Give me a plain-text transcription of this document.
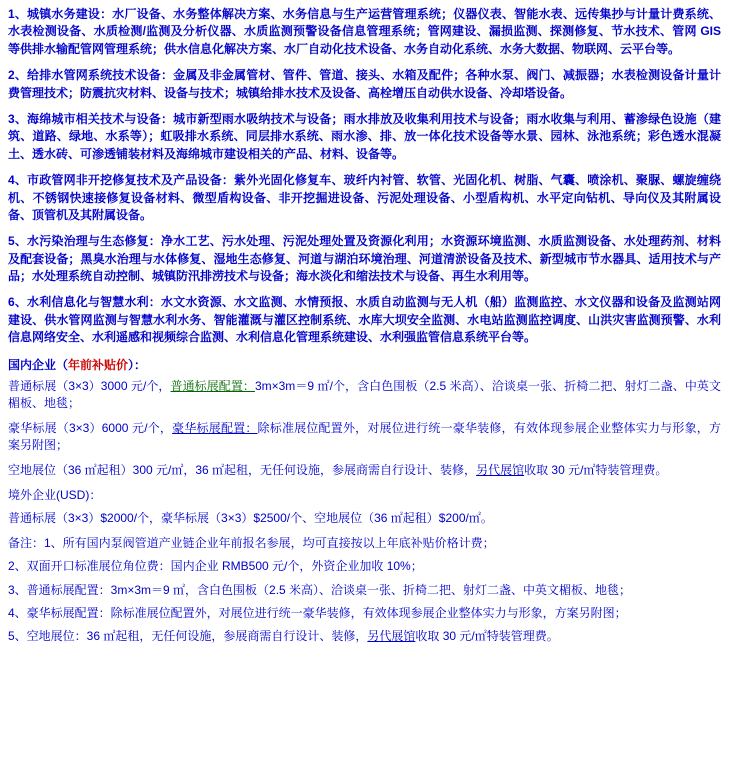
1、城镇水务建设：水厂设备、水务整体解决方案、水务信息与生产运营管理系统；仪器仪表、智能水表、远传集抄与计量计费系统、水表检测设备、水质检测/监测及分析仪器、水质监测预警设备信息管理系统；管网建设、漏损监测、探测修复、节水技术、管网 GIS 等供排水输配管网管理系统；供水信息化解决方案、水厂自动化技术设备、水务自动化系统、水务大数据、物联网、云平台等。

2、给排水管网系统技术设备：金属及非金属管材、管件、管道、接头、水箱及配件；各种水泵、阀门、减振器；水表检测设备计量计费管理技术；防震抗灾材料、设备与技术；城镇给排水技术及设备、高栓增压自动供水设备、冷却塔设备。

3、海绵城市相关技术与设备：城市新型雨水吸纳技术与设备；雨水排放及收集利用技术与设备；雨水收集与利用、蓄渗绿色设施（建筑、道路、绿地、水系等）；虹吸排水系统、同层排水系统、雨水渗、排、放一体化技术设备等水景、园林、泳池系统；彩色透水混凝土、透水砖、可渗透铺装材料及海绵城市建设相关的产品、材料、设备等。

4、市政管网非开挖修复技术及产品设备：紫外光固化修复车、玻纤内衬管、软管、光固化机、树脂、气囊、喷涂机、聚脲、螺旋缠绕机、不锈钢快速接修复设备材料、微型盾构设备、非开挖掘进设备、污泥处理设备、小型盾构机、水平定向钻机、导向仪及其附属设备、顶管机及其附属设备。

5、水污染治理与生态修复：净水工艺、污水处理、污泥处理处置及资源化利用；水资源环境监测、水质监测设备、水处理药剂、材料及配套设备；黑臭水治理与水体修复、湿地生态修复、河道与湖泊环境治理、河道清淤设备及技术、新型城市节水器具、适用技术与产品；水处理系统自动控制、城镇防汛排涝技术与设备；海水淡化和缩法技术与设备、再生水利用等。

6、水利信息化与智慧水利：水文水资源、水文监测、水情预报、水质自动监测与无人机（船）监测监控、水文仪器和设备及监测站网建设、供水管网监测与智慧水利水务、智能灌溉与灌区控制系统、水库大坝安全监测、水电站监测监控调度、山洪灾害监测预警、水利信息网络安全、水利遥感和视频综合监测、水利信息化管理系统建设、水利强监管信息系统平台等。

国内企业（年前补贴价）：
普通标展（3×3）3000 元/个，普通标展配置：3m×3m＝9 ㎡/个，含白色围板（2.5 米高）、洽谈桌一张、折椅二把、射灯二盏、中英文楣板、地毯；
豪华标展（3×3）6000 元/个，豪华标展配置：除标准展位配置外，对展位进行统一豪华装修，有效体现参展企业整体实力与形象，方案另附图；
空地展位（36 ㎡起租）300 元/㎡，36 ㎡起租，无任何设施，参展商需自行设计、装修，另代展馆收取 30 元/㎡特装管理费。
境外企业(USD)：
普通标展（3×3）$2000/个，豪华标展（3×3）$2500/个、空地展位（36 ㎡起租）$200/㎡。
备注：1、所有国内泵阀管道产业链企业年前报名参展，均可直接按以上年底补贴价格计费；
2、双面开口标准展位角位费：国内企业 RMB500 元/个，外资企业加收 10%；
3、普通标展配置：3m×3m＝9 ㎡，含白色围板（2.5 米高）、洽谈桌一张、折椅二把、射灯二盏、中英文楣板、地毯；
4、豪华标展配置：除标准展位配置外，对展位进行统一豪华装修，有效体现参展企业整体实力与形象，方案另附图；
5、空地展位：36 ㎡起租，无任何设施，参展商需自行设计、装修，另代展馆收取 30 元/㎡特装管理费。
